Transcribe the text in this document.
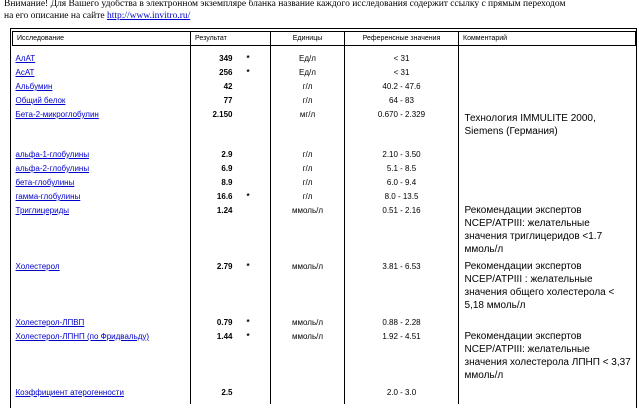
Внимание! Для Вашего удобства в электронном экземпляре бланка название каждого исследования содержит ссылку с прямым переходом
на его описание на сайте http://www.invitro.ru/
Исследование	Результат		Единицы	Референсные значения	Комментарий
АлАТ	349	*	Ед/л	< 31	
АсАТ	256	*	Ед/л	< 31	
Альбумин	42		г/л	40.2 - 47.6	
Общий белок	77		г/л	64 - 83	
Бета-2-микроглобулин	2.150		мг/л	0.670 - 2.329	Технология IMMULITE 2000, Siemens (Германия)
альфа-1-глобулины	2.9		г/л	2.10 - 3.50	
альфа-2-глобулины	6.9		г/л	5.1 - 8.5	
бета-глобулины	8.9		г/л	6.0 - 9.4	
гамма-глобулины	16.6	*	г/л	8.0 - 13.5	
Триглицериды	1.24		ммоль/л	0.51 - 2.16	Рекомендации экспертов NCEP/ATPIII: желательные значения триглицеридов <1.7 ммоль/л
Холестерол	2.79	*	ммоль/л	3.81 - 6.53	Рекомендации экспертов NCEP/ATPIII : желательные значения общего холестерола < 5,18 ммоль/л
Холестерол-ЛПВП	0.79	*	ммоль/л	0.88 - 2.28	
Холестерол-ЛПНП (по Фридвальду)	1.44	*	ммоль/л	1.92 - 4.51	Рекомендации экспертов NCEP/ATPIII: желательные значения холестерола ЛПНП < 3,37 ммоль/л
Коэффициент атерогенности	2.5			2.0 - 3.0	
